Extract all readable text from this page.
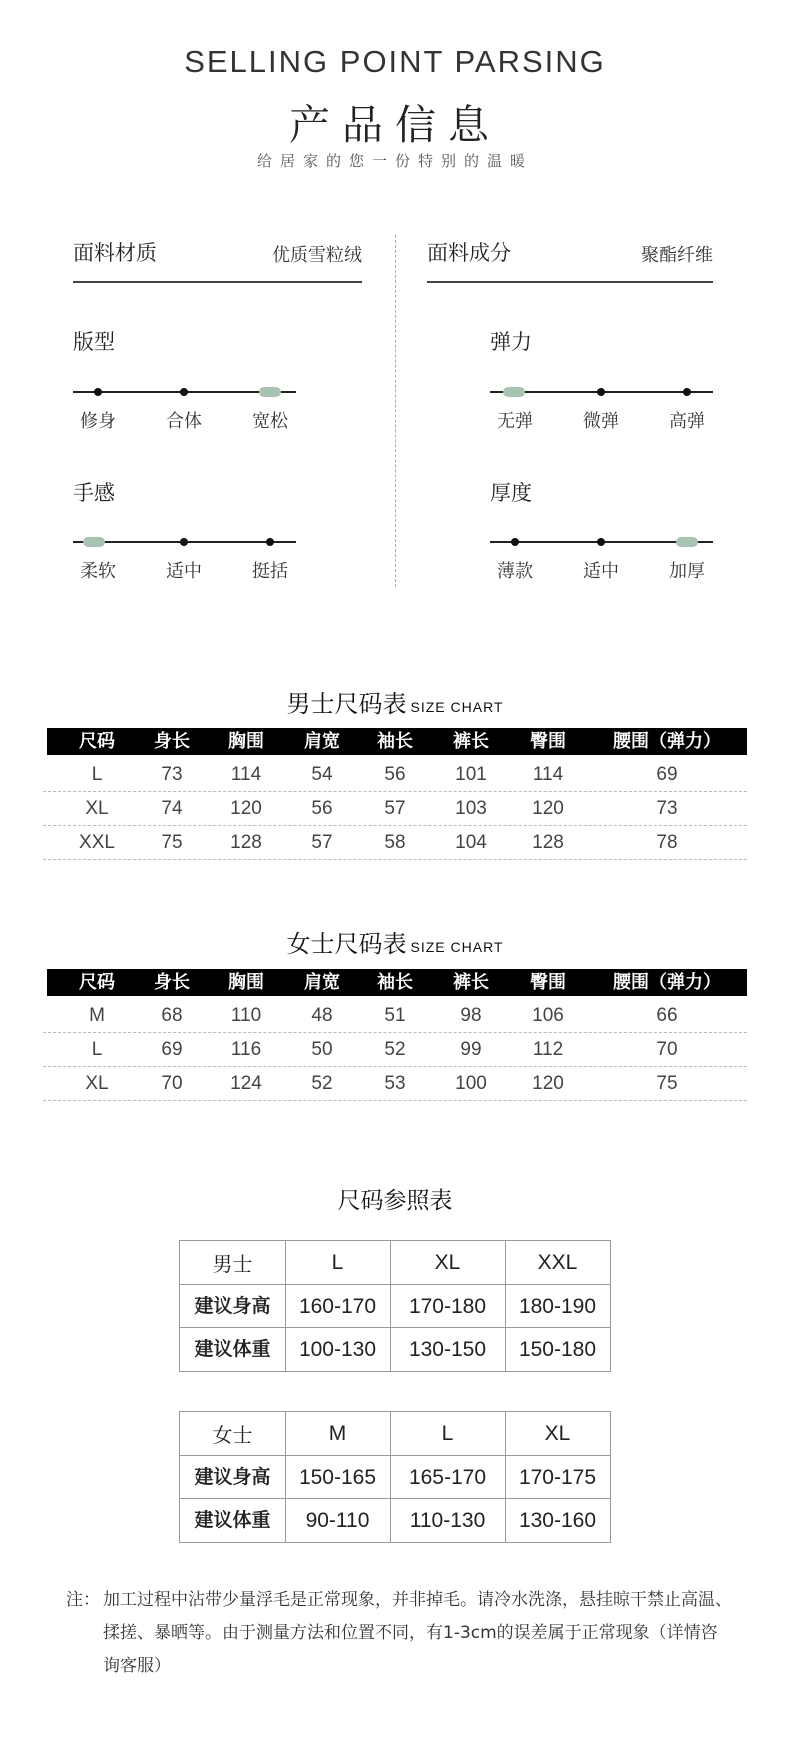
SELLING POINT PARSING
产品信息
给居家的您一份特别的温暖
面料材质	优质雪粒绒	面料成分	聚酯纤维
版型
修身	合体	宽松
弹力
无弹	微弹	高弹
手感
柔软	适中	挺括
厚度
薄款	适中	加厚
男士尺码表 SIZE CHART
尺码	身长	胸围	肩宽	袖长	裤长	臀围	腰围（弹力）
L	73	114	54	56	101	114	69
XL	74	120	56	57	103	120	73
XXL	75	128	57	58	104	128	78
女士尺码表 SIZE CHART
尺码	身长	胸围	肩宽	袖长	裤长	臀围	腰围（弹力）
M	68	110	48	51	98	106	66
L	69	116	50	52	99	112	70
XL	70	124	52	53	100	120	75
尺码参照表
男士	L	XL	XXL
建议身高	160-170	170-180	180-190
建议体重	100-130	130-150	150-180
女士	M	L	XL
建议身高	150-165	165-170	170-175
建议体重	90-110	110-130	130-160
注： 加工过程中沾带少量浮毛是正常现象，并非掉毛。请冷水洗涤，悬挂晾干禁止高温、揉搓、暴晒等。由于测量方法和位置不同，有1-3cm的误差属于正常现象（详情咨询客服）
